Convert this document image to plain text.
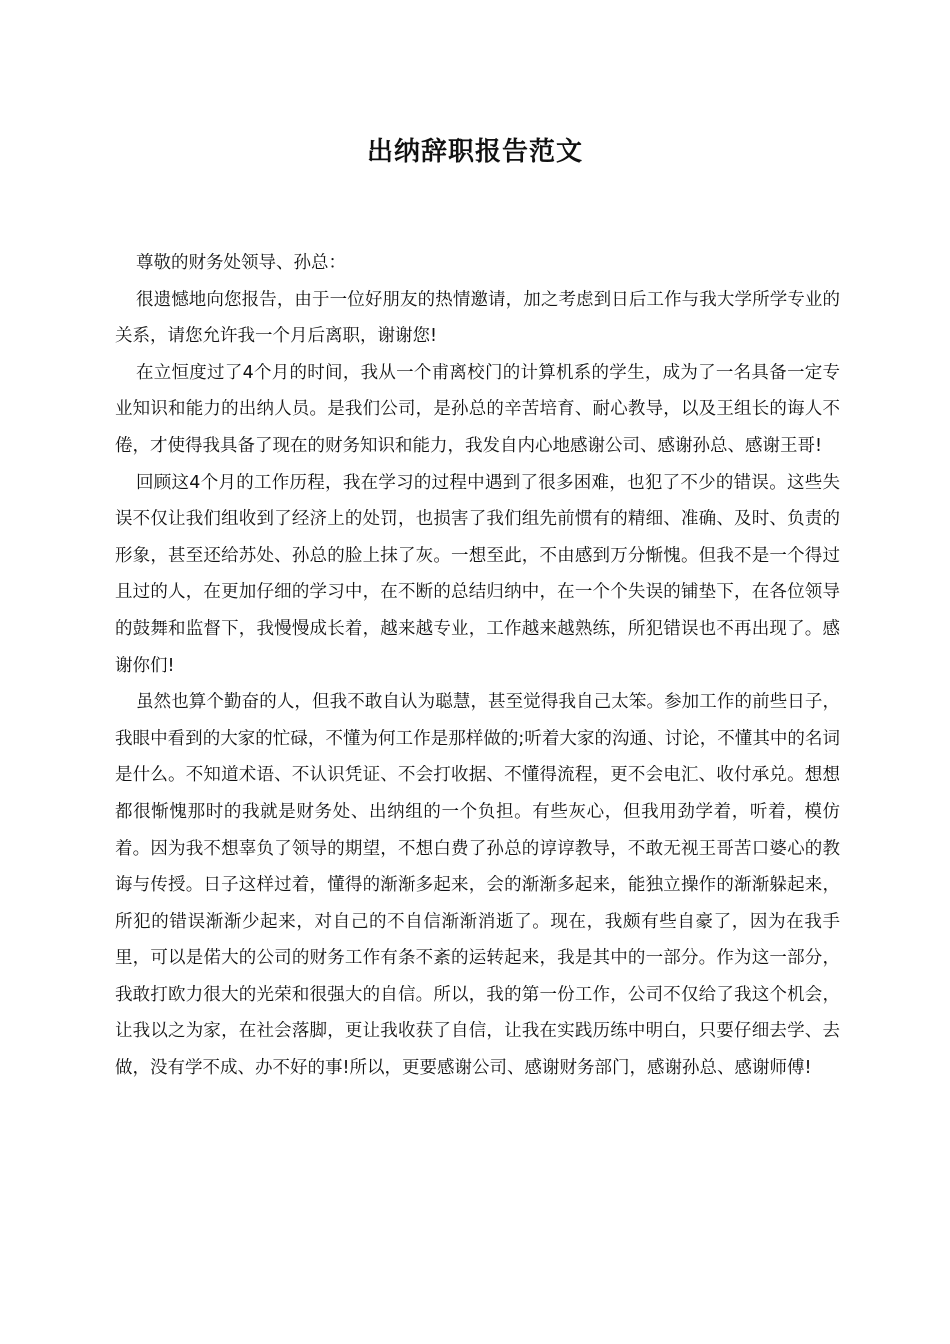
出纳辞职报告范文

尊敬的财务处领导、孙总：

很遗憾地向您报告，由于一位好朋友的热情邀请，加之考虑到日后工作与我大学所学专业的关系，请您允许我一个月后离职，谢谢您!

在立恒度过了4个月的时间，我从一个甫离校门的计算机系的学生，成为了一名具备一定专业知识和能力的出纳人员。是我们公司，是孙总的辛苦培育、耐心教导，以及王组长的诲人不倦，才使得我具备了现在的财务知识和能力，我发自内心地感谢公司、感谢孙总、感谢王哥!

回顾这4个月的工作历程，我在学习的过程中遇到了很多困难，也犯了不少的错误。这些失误不仅让我们组收到了经济上的处罚，也损害了我们组先前惯有的精细、准确、及时、负责的形象，甚至还给苏处、孙总的脸上抹了灰。一想至此，不由感到万分惭愧。但我不是一个得过且过的人，在更加仔细的学习中，在不断的总结归纳中，在一个个失误的铺垫下，在各位领导的鼓舞和监督下，我慢慢成长着，越来越专业，工作越来越熟练，所犯错误也不再出现了。感谢你们!

虽然也算个勤奋的人，但我不敢自认为聪慧，甚至觉得我自己太笨。参加工作的前些日子，我眼中看到的大家的忙碌，不懂为何工作是那样做的;听着大家的沟通、讨论，不懂其中的名词是什么。不知道术语、不认识凭证、不会打收据、不懂得流程，更不会电汇、收付承兑。想想都很惭愧那时的我就是财务处、出纳组的一个负担。有些灰心，但我用劲学着，听着，模仿着。因为我不想辜负了领导的期望，不想白费了孙总的谆谆教导，不敢无视王哥苦口婆心的教诲与传授。日子这样过着，懂得的渐渐多起来，会的渐渐多起来，能独立操作的渐渐躲起来，所犯的错误渐渐少起来，对自己的不自信渐渐消逝了。现在，我颇有些自豪了，因为在我手里，可以是偌大的公司的财务工作有条不紊的运转起来，我是其中的一部分。作为这一部分，我敢打欧力很大的光荣和很强大的自信。所以，我的第一份工作，公司不仅给了我这个机会，让我以之为家，在社会落脚，更让我收获了自信，让我在实践历练中明白，只要仔细去学、去做，没有学不成、办不好的事!所以，更要感谢公司、感谢财务部门，感谢孙总、感谢师傅!
